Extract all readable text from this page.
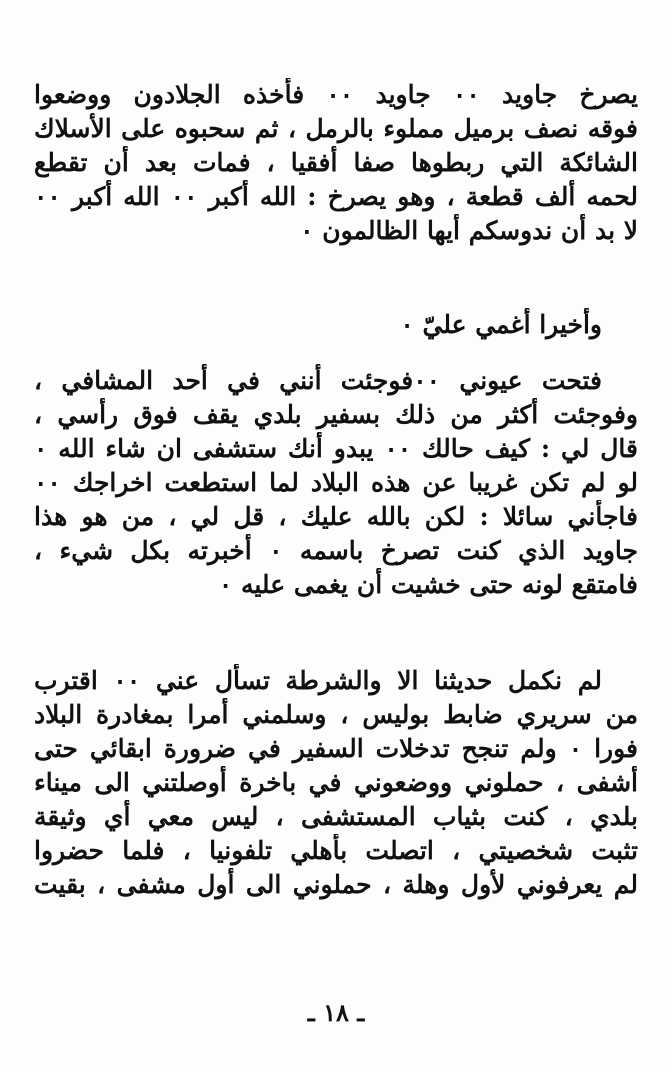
يصرخ جاويد ٠٠ جاويد ٠٠ فأخذه الجلادون ووضعوا
فوقه نصف برميل مملوء بالرمل ، ثم سحبوه على الأسلاك
الشائكة التي ربطوها صفا أفقيا ، فمات بعد أن تقطع
لحمه ألف قطعة ، وهو يصرخ : الله أكبر ٠٠ الله أكبر ٠٠
لا بد أن ندوسكم أيها الظالمون ٠
وأخيرا أغمي عليّ ٠
فتحت عيوني ٠٠فوجئت أنني في أحد المشافي ،
وفوجئت أكثر من ذلك بسفير بلدي يقف فوق رأسي ،
قال لي : كيف حالك ٠٠ يبدو أنك ستشفى ان شاء الله ٠
لو لم تكن غريبا عن هذه البلاد لما استطعت اخراجك ٠٠
فاجأني سائلا : لكن بالله عليك ، قل لي ، من هو هذا
جاويد الذي كنت تصرخ باسمه ٠ أخبرته بكل شيء ،
فامتقع لونه حتى خشيت أن يغمى عليه ٠
لم نكمل حديثنا الا والشرطة تسأل عني ٠٠ اقترب
من سريري ضابط بوليس ، وسلمني أمرا بمغادرة البلاد
فورا ٠ ولم تنجح تدخلات السفير في ضرورة ابقائي حتى
أشفى ، حملوني ووضعوني في باخرة أوصلتني الى ميناء
بلدي ، كنت بثياب المستشفى ، ليس معي أي وثيقة
تثبت شخصيتي ، اتصلت بأهلي تلفونيا ، فلما حضروا
لم يعرفوني لأول وهلة ، حملوني الى أول مشفى ، بقيت
ـ ١٨ ـ
